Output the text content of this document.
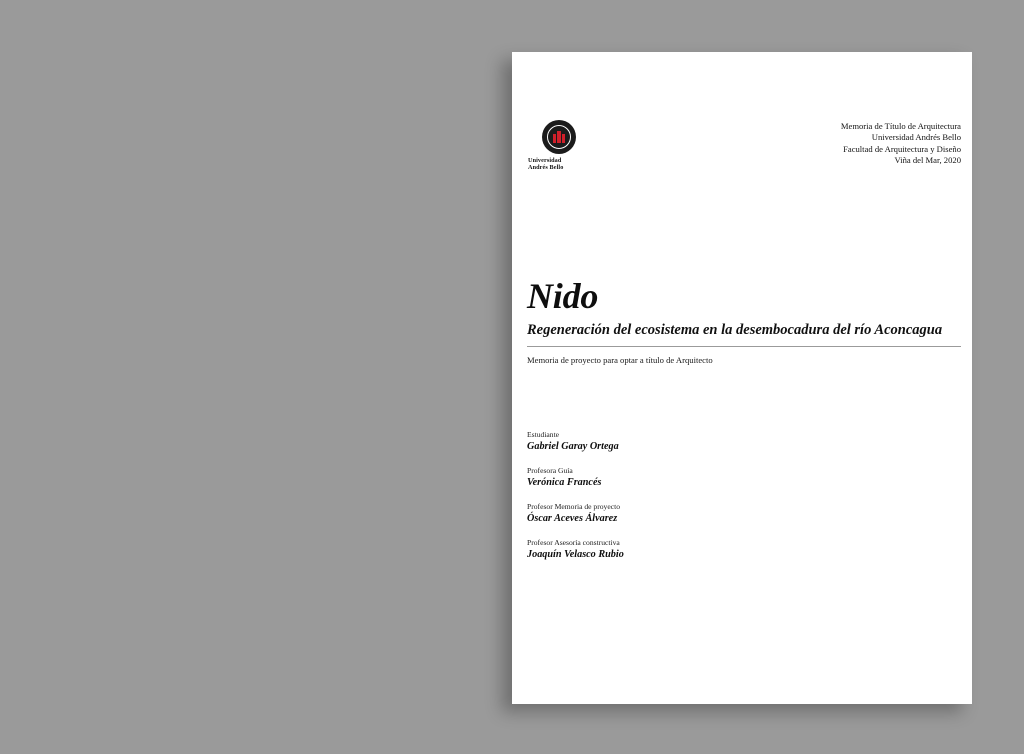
Universidad
Andrés Bello
Memoria de Título de Arquitectura
Universidad Andrés Bello
Facultad de Arquitectura y Diseño
Viña del Mar, 2020
Nido
Regeneración del ecosistema en la desembocadura del río Aconcagua

Memoria de proyecto para optar a título de Arquitecto

Estudiante

Gabriel Garay Ortega

Profesora Guía

Verónica Francés

Profesor Memoria de proyecto

Óscar Aceves Álvarez

Profesor Asesoría constructiva

Joaquín Velasco Rubio
